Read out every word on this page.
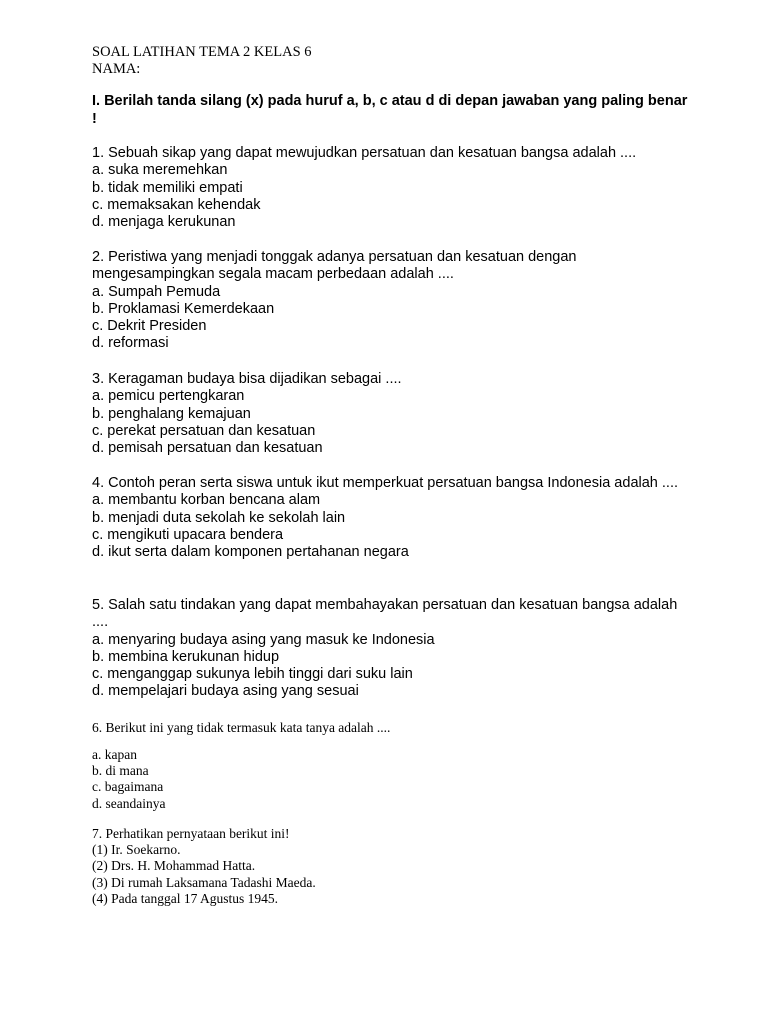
SOAL LATIHAN TEMA 2 KELAS 6
NAMA:
I. Berilah tanda silang (x) pada huruf a, b, c atau d di depan jawaban yang paling benar !

1. Sebuah sikap yang dapat mewujudkan persatuan dan kesatuan bangsa adalah ....

a. suka meremehkan

b. tidak memiliki empati

c. memaksakan kehendak

d. menjaga kerukunan

2. Peristiwa yang menjadi tonggak adanya persatuan dan kesatuan dengan mengesampingkan segala macam perbedaan adalah ....

a. Sumpah Pemuda

b. Proklamasi Kemerdekaan

c. Dekrit Presiden

d. reformasi

3. Keragaman budaya bisa dijadikan sebagai ....

a. pemicu pertengkaran

b. penghalang kemajuan

c. perekat persatuan dan kesatuan

d. pemisah persatuan dan kesatuan

4. Contoh peran serta siswa untuk ikut memperkuat persatuan bangsa Indonesia adalah ....

a. membantu korban bencana alam

b. menjadi duta sekolah ke sekolah lain

c. mengikuti upacara bendera

d. ikut serta dalam komponen pertahanan negara

5. Salah satu tindakan yang dapat membahayakan persatuan dan kesatuan bangsa adalah ....

a. menyaring budaya asing yang masuk ke Indonesia

b. membina kerukunan hidup

c. menganggap sukunya lebih tinggi dari suku lain

d. mempelajari budaya asing yang sesuai

6. Berikut ini yang tidak termasuk kata tanya adalah ....

a. kapan

b. di mana

c. bagaimana

d. seandainya

7. Perhatikan pernyataan berikut ini!

(1) Ir. Soekarno.

(2) Drs. H. Mohammad Hatta.

(3) Di rumah Laksamana Tadashi Maeda.

(4) Pada tanggal 17 Agustus 1945.
